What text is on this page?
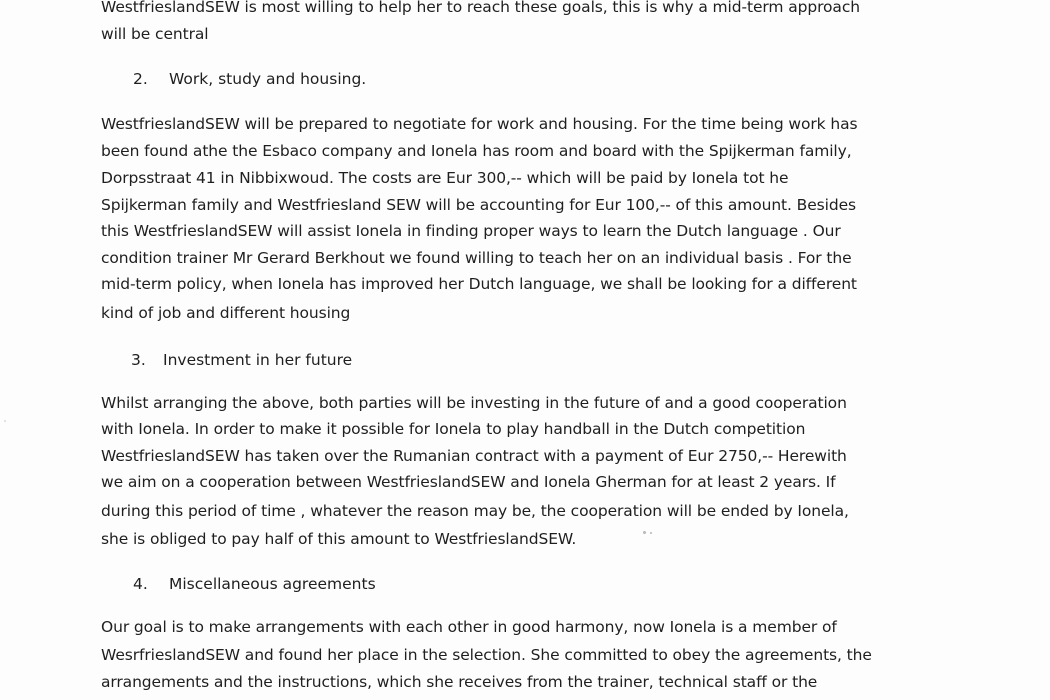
WestfrieslandSEW is most willing to help her to reach these goals, this is why a mid-term approach
will be central
2. Work, study and housing.
WestfrieslandSEW will be prepared to negotiate for work and housing. For the time being work has
been found athe the Esbaco company and Ionela has room and board with the Spijkerman family,
Dorpsstraat 41 in Nibbixwoud. The costs are Eur 300,-- which will be paid by Ionela tot he
Spijkerman family and Westfriesland SEW will be accounting for Eur 100,-- of this amount. Besides
this WestfrieslandSEW will assist Ionela in finding proper ways to learn the Dutch language . Our
condition trainer Mr Gerard Berkhout we found willing to teach her on an individual basis . For the
mid-term policy, when Ionela has improved her Dutch language, we shall be looking for a different
kind of job and different housing
3. Investment in her future
Whilst arranging the above, both parties will be investing in the future of and a good cooperation
with Ionela. In order to make it possible for Ionela to play handball in the Dutch competition
WestfrieslandSEW has taken over the Rumanian contract with a payment of Eur 2750,-- Herewith
we aim on a cooperation between WestfrieslandSEW and Ionela Gherman for at least 2 years. If
during this period of time , whatever the reason may be, the cooperation will be ended by Ionela,
she is obliged to pay half of this amount to WestfrieslandSEW.
4. Miscellaneous agreements
Our goal is to make arrangements with each other in good harmony, now Ionela is a member of
WesrfrieslandSEW and found her place in the selection. She committed to obey the agreements, the
arrangements and the instructions, which she receives from the trainer, technical staff or the
